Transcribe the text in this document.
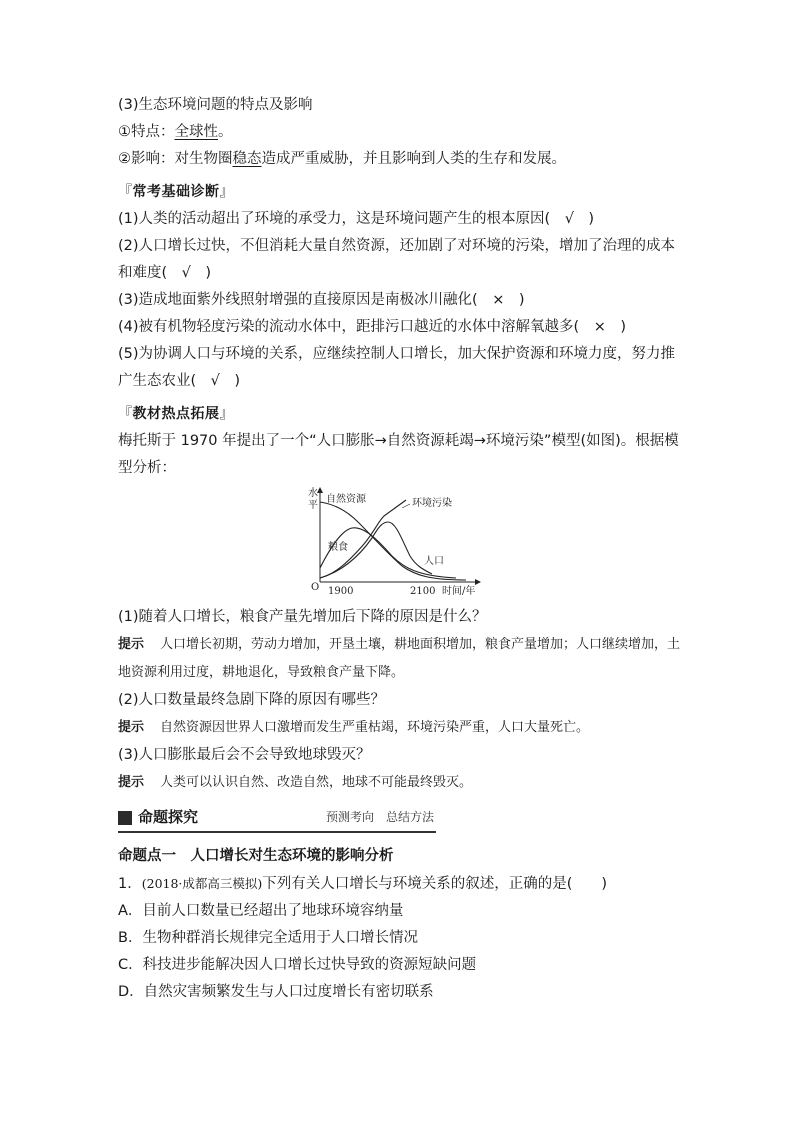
(3)生态环境问题的特点及影响
①特点：全球性。
②影响：对生物圈稳态造成严重威胁，并且影响到人类的生存和发展。
『常考基础诊断』
(1)人类的活动超出了环境的承受力，这是环境问题产生的根本原因(　√　)
(2)人口增长过快，不但消耗大量自然资源，还加剧了对环境的污染，增加了治理的成本和难度(　√　)
(3)造成地面紫外线照射增强的直接原因是南极冰川融化(　×　)
(4)被有机物轻度污染的流动水体中，距排污口越近的水体中溶解氧越多(　×　)
(5)为协调人口与环境的关系，应继续控制人口增长，加大保护资源和环境力度，努力推广生态农业(　√　)
『教材热点拓展』
梅托斯于 1970 年提出了一个“人口膨胀→自然资源耗竭→环境污染”模型(如图)。根据模型分析：
水
平
O 1900	2100 时间/年
自然资源	环境污染
粮食
人口
(1)随着人口增长，粮食产量先增加后下降的原因是什么？
提示 人口增长初期，劳动力增加，开垦土壤，耕地面积增加，粮食产量增加；人口继续增加，土地资源利用过度，耕地退化，导致粮食产量下降。
(2)人口数量最终急剧下降的原因有哪些？
提示 自然资源因世界人口激增而发生严重枯竭，环境污染严重，人口大量死亡。
(3)人口膨胀最后会不会导致地球毁灭？
提示 人类可以认识自然、改造自然，地球不可能最终毁灭。
命题探究	预测考向　总结方法
命题点一　 人口增长对生态环境的影响分析
1．(2018·成都高三模拟)下列有关人口增长与环境关系的叙述，正确的是(　　)
A．目前人口数量已经超出了地球环境容纳量
B．生物种群消长规律完全适用于人口增长情况
C．科技进步能解决因人口增长过快导致的资源短缺问题
D．自然灾害频繁发生与人口过度增长有密切联系
